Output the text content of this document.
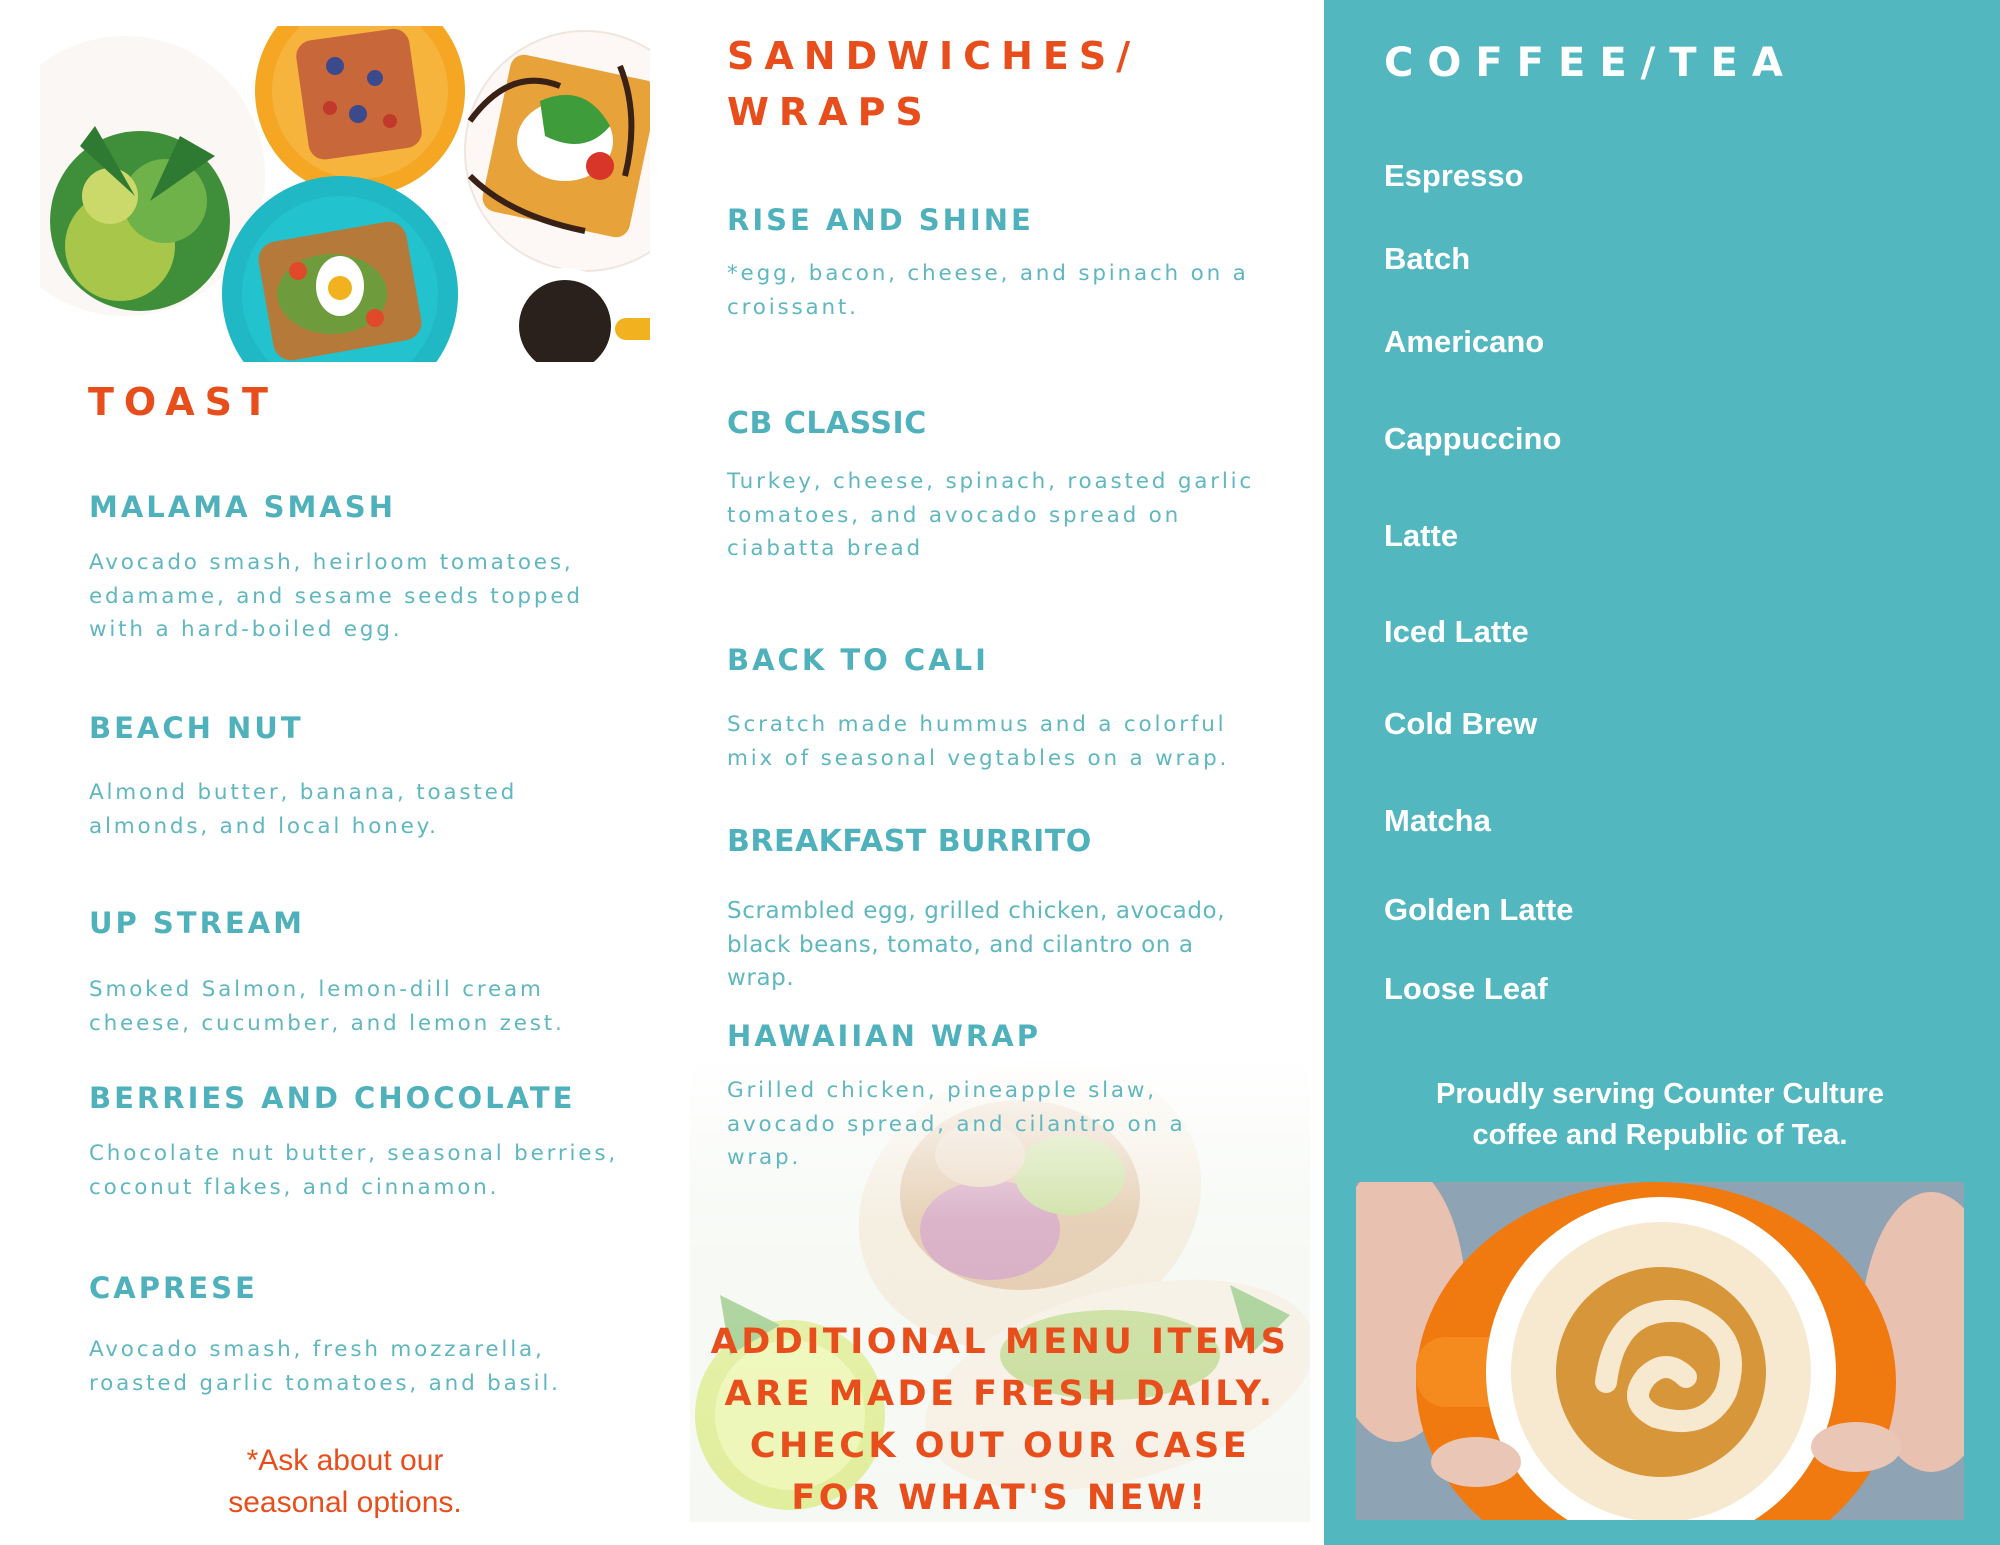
TOAST
MALAMA SMASH

Avocado smash, heirloom tomatoes, edamame, and sesame seeds topped with a hard-boiled egg.

BEACH NUT

Almond butter, banana, toasted almonds, and local honey.

UP STREAM

Smoked Salmon, lemon-dill cream cheese, cucumber, and lemon zest.

BERRIES AND CHOCOLATE

Chocolate nut butter, seasonal berries, coconut flakes, and cinnamon.

CAPRESE

Avocado smash, fresh mozzarella, roasted garlic tomatoes, and basil.

*Ask about our
seasonal options.

SANDWICHES/
WRAPS
RISE AND SHINE

*egg, bacon, cheese, and spinach on a croissant.

CB CLASSIC

Turkey, cheese, spinach, roasted garlic tomatoes, and avocado spread on ciabatta bread

BACK TO CALI

Scratch made hummus and a colorful mix of seasonal vegtables on a wrap.

BREAKFAST BURRITO

Scrambled egg, grilled chicken, avocado, black beans, tomato, and cilantro on a wrap.

HAWAIIAN WRAP

Grilled chicken, pineapple slaw, avocado spread, and cilantro on a wrap.

ADDITIONAL MENU ITEMS
ARE MADE FRESH DAILY.
CHECK OUT OUR CASE
FOR WHAT'S NEW!

COFFEE/TEA

Espresso

Batch

Americano

Cappuccino

Latte

Iced Latte

Cold Brew

Matcha

Golden Latte

Loose Leaf

Proudly serving Counter Culture
coffee and Republic of Tea.
